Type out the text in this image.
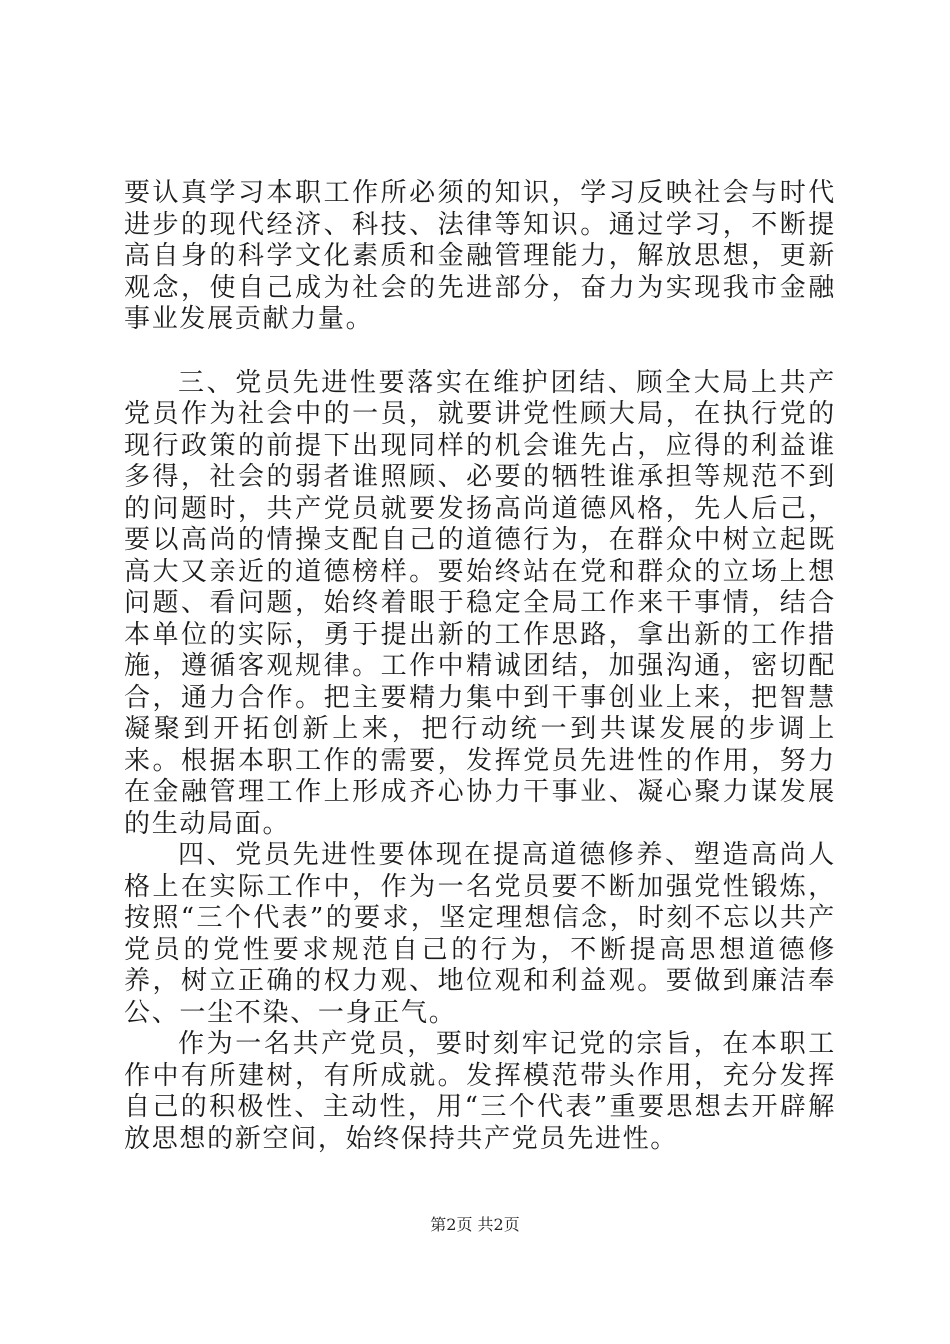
要认真学习本职工作所必须的知识，学习反映社会与时代进步的现代经济、科技、法律等知识。通过学习，不断提高自身的科学文化素质和金融管理能力，解放思想，更新观念，使自己成为社会的先进部分，奋力为实现我市金融事业发展贡献力量。

三、党员先进性要落实在维护团结、顾全大局上共产党员作为社会中的一员，就要讲党性顾大局，在执行党的现行政策的前提下出现同样的机会谁先占，应得的利益谁多得，社会的弱者谁照顾、必要的牺牲谁承担等规范不到的问题时，共产党员就要发扬高尚道德风格，先人后己，要以高尚的情操支配自己的道德行为，在群众中树立起既高大又亲近的道德榜样。要始终站在党和群众的立场上想问题、看问题，始终着眼于稳定全局工作来干事情，结合本单位的实际，勇于提出新的工作思路，拿出新的工作措施，遵循客观规律。工作中精诚团结，加强沟通，密切配合，通力合作。把主要精力集中到干事创业上来，把智慧凝聚到开拓创新上来，把行动统一到共谋发展的步调上来。根据本职工作的需要，发挥党员先进性的作用，努力在金融管理工作上形成齐心协力干事业、凝心聚力谋发展的生动局面。

四、党员先进性要体现在提高道德修养、塑造高尚人格上在实际工作中，作为一名党员要不断加强党性锻炼，按照“三个代表”的要求，坚定理想信念，时刻不忘以共产党员的党性要求规范自己的行为，不断提高思想道德修养，树立正确的权力观、地位观和利益观。要做到廉洁奉公、一尘不染、一身正气。

作为一名共产党员，要时刻牢记党的宗旨，在本职工作中有所建树，有所成就。发挥模范带头作用，充分发挥自己的积极性、主动性，用“三个代表”重要思想去开辟解放思想的新空间，始终保持共产党员先进性。

第2页 共2页
